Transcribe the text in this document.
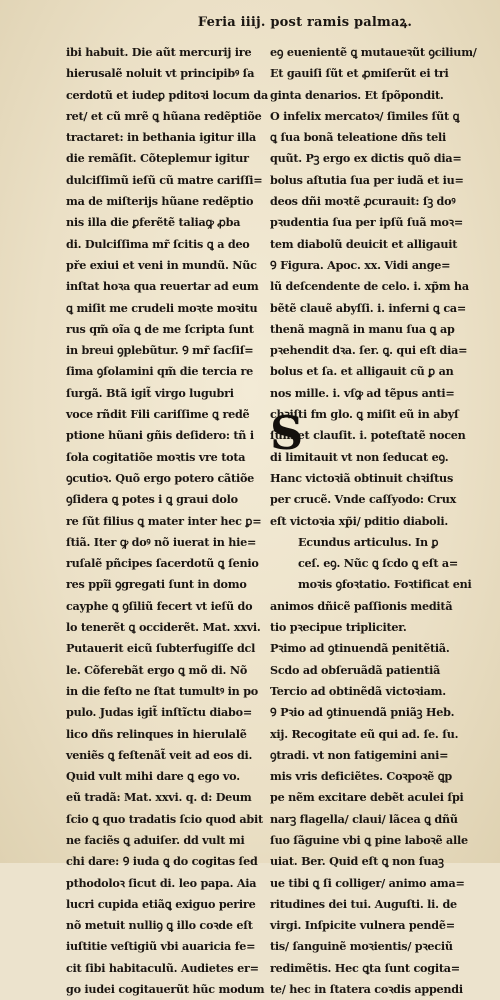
Feria iiij. post ramis palmaꝝ.
ibi habuit. Die aũt mercurij ire
hierusalẽ noluit vt principibꝰ ſa
cerdotũ et iudeꝑ pditoꝛi locum da
ret/ et cũ mrẽ ꝗ hũana redẽptiõe
tractaret: in bethania igitur illa
die remãſit. Cõteplemur igitur
dulciſſimũ ieſũ cũ matre cariſſi=
ma de miſterijs hũane redẽptio
nis illa die ꝑferẽtẽ taliaꝙ ꝓba
di. Dulciſſima mr̃ ſcitis ꝗ a deo
pře exiui et veni in mundũ. Nũc
inſtat hoꝛa qua reuertar ad eum
ꝗ miſit me crudeli moꝛte moꝛitu
rus qm̃ oĩa ꝗ de me ſcripta ſunt
in breui ꝯplebũtur. Ꝯ mr̃ ſacſiſ=
ſima ꝯſolamini qm̃ die tercia re
ſurgã. Btã igit̃ virgo lugubri
voce rñdit Fili cariſſime ꝗ redẽ
ptione hũani gñis deſidero: tñ i
ſola cogitatiõe moꝛtis vre tota
ꝯcutioꝛ. Quõ ergo potero cãtiõe
ꝯſidera ꝗ potes i ꝗ graui dolo
re ſũt filius ꝗ mater inter hec ꝑ=
ſtiã. Iter ꝙ doꝰ nõ iuerat in hie=
ruſalẽ pñcipes ſacerdotũ ꝗ ſenio
res ppĩi ꝯgregati ſunt in domo
cayphe ꝗ ꝯſiliũ fecert vt ieſũ do
lo tenerẽt ꝗ occiderẽt. Mat. xxvi.
Putauerit eicũ ſubterfugiſſe dcl
le. Cõferebãt ergo ꝗ mõ di. Nõ
in die feſto ne ſtat tumultꝰ in po
pulo. Judas igit̃ inſtĩctu diabo=
lico dñs relinques in hierulalẽ
veniẽs ꝗ feſtenãt̃ veit ad eos di.
Quid vult mihi dare ꝗ ego vo.
eũ tradã: Mat. xxvi. q. d: Deum
ſcio ꝗ quo tradatis ſcio quod abit
ne faciẽs ꝗ aduiſer. dd vult mi
chi dare: Ꝯ iuda ꝗ do cogitas ſed
pthodoloꝛ ſicut di. leo papa. Aia
lucri cupida etiãꝗ exiguo perire
nõ metuit nulliꝯ ꝗ illo coꝛde eſt
iuſtitie veſtigiũ vbi auaricia fe=
cit ſibi habitaculũ. Audietes er=
go iudei cogitauerũt hũc modum
eꝯ euenientẽ ꝗ mutaueꝛũt ꝯcilium/
Et gauiſi ſũt et ꝓmiſerũt ei tri
ginta denarios. Et ſpõpondit.
O infelix mercatoꝛ/ ſimiles ſũt ꝗ
ꝗ ſua bonã teleatione dñs teli
quũt. Pꝫ ergo ex dictis quõ dia=
bolus aſtutia ſua per iudã et iu=
deos dñi moꝛtẽ ꝓcurauit: ſꝫ doꝰ
pꝛudentia ſua per ipſũ ſuã moꝛ=
tem diabolũ deuicit et alligauit
Ꝯ Figura. Apoc. xx. Vidi ange=
lũ deſcendente de celo. i. xp̃m ha
bẽtẽ clauẽ abyſſi. i. inferni ꝗ ca=
thenã magnã in manu ſua ꝗ ap
pꝛehendit dꝛa. ſer. ꝗ. qui eſt dia=
bolus et ſa. et alligauit cũ ꝑ an
nos mille. i. vſꝙ ad tẽpus anti=
chꝛiſti fm glo. ꝗ miſit eũ in abyſ
ſum et clauſit. i. poteſtatẽ nocen
di limitauit vt non ſeducat eꝯ.
Hanc victoꝛiã obtinuit chꝛiſtus
per crucẽ. Vnde caſſyodo: Crux
eſt victoꝛia xp̃i/ pditio diaboli.
S
Ecundus articulus. In ꝑ
ceſ. eꝯ. Nũc ꝗ ſcdo ꝗ eſt a=
moꝛis ꝯfoꝛtatio. Foꝛtificat eni
animos dñicẽ paſſionis meditã
tio pꝛecipue tripliciter.
Pꝛimo ad ꝯtinuendã penitẽtiã.
Scdo ad obſeruãdã patientiã
Tercio ad obtinẽdã victoꝛiam.
Ꝯ Pꝛio ad ꝯtinuendã pniãꝫ Heb.
xij. Recogitate eũ qui ad. ſe. ſu.
ꝯtradi. vt non fatigemini ani=
mis vris deficiẽtes. Coꝛpoꝛẽ ꝗp
pe nẽm excitare debẽt aculei ſpi
narꝫ flagella/ claui/ lãcea ꝗ dñũ
ſuo ſãguine vbi ꝗ pine laboꝛẽ alle
uiat. Ber. Quid eſt ꝗ non ſuaꝫ
ue tibi ꝗ ſi colliger/ animo ama=
ritudines dei tui. Auguſti. li. de
virgi. Inſpicite vulnera pendẽ=
tis/ ſanguinẽ moꝛientis/ pꝛeciũ
redimẽtis. Hec ꝗta ſunt cogita=
te/ hec in ſtatera coꝛdis appendi
